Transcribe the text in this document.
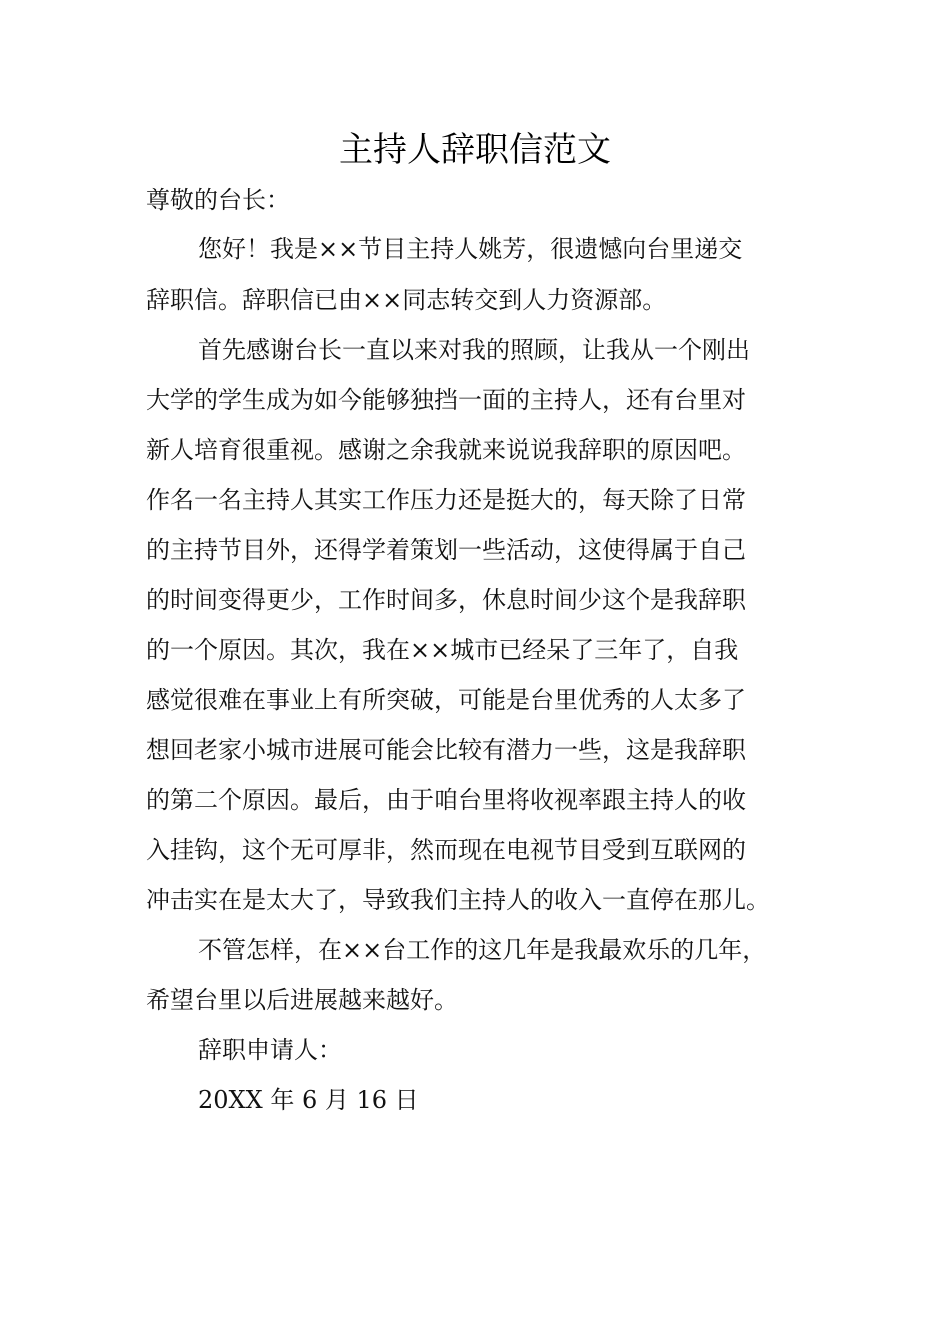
主持人辞职信范文
尊敬的台长：
您好！我是××节目主持人姚芳，很遗憾向台里递交
辞职信。辞职信已由××同志转交到人力资源部。
首先感谢台长一直以来对我的照顾，让我从一个刚出
大学的学生成为如今能够独挡一面的主持人，还有台里对
新人培育很重视。感谢之余我就来说说我辞职的原因吧。
作名一名主持人其实工作压力还是挺大的，每天除了日常
的主持节目外，还得学着策划一些活动，这使得属于自己
的时间变得更少，工作时间多，休息时间少这个是我辞职
的一个原因。其次，我在××城市已经呆了三年了，自我
感觉很难在事业上有所突破，可能是台里优秀的人太多了
想回老家小城市进展可能会比较有潜力一些，这是我辞职
的第二个原因。最后，由于咱台里将收视率跟主持人的收
入挂钩，这个无可厚非，然而现在电视节目受到互联网的
冲击实在是太大了，导致我们主持人的收入一直停在那儿。
不管怎样，在××台工作的这几年是我最欢乐的几年，
希望台里以后进展越来越好。
辞职申请人：
20XX 年 6 月 16 日
